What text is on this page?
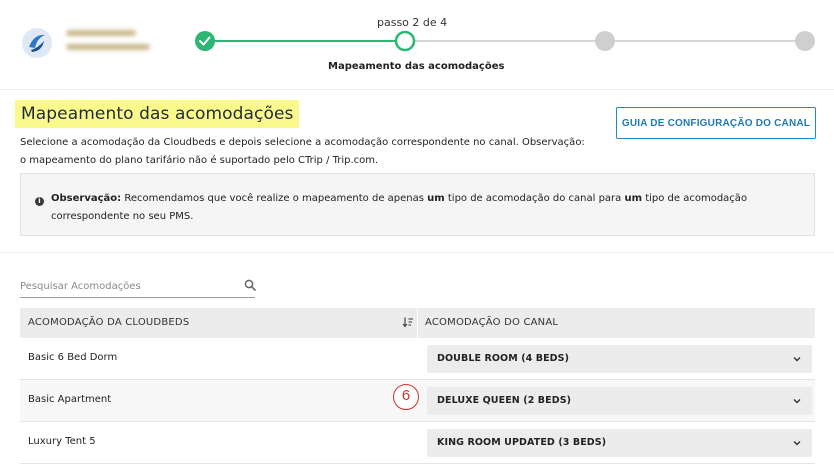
passo 2 de 4
Mapeamento das acomodações
Mapeamento das acomodações
Selecione a acomodação da Cloudbeds e depois selecione a acomodação correspondente no canal. Observação: o mapeamento do plano tarifário não é suportado pelo CTrip / Trip.com.
GUIA DE CONFIGURAÇÃO DO CANAL
i	Observação: Recomendamos que você realize o mapeamento de apenas um tipo de acomodação do canal para um tipo de acomodação correspondente no seu PMS.
Pesquisar Acomodações
ACOMODAÇÃO DA CLOUDBEDS	ACOMODAÇÃO DO CANAL
Basic 6 Bed Dorm	DOUBLE ROOM (4 BEDS)
Basic Apartment	DELUXE QUEEN (2 BEDS)
Luxury Tent 5	KING ROOM UPDATED (3 BEDS)
6
